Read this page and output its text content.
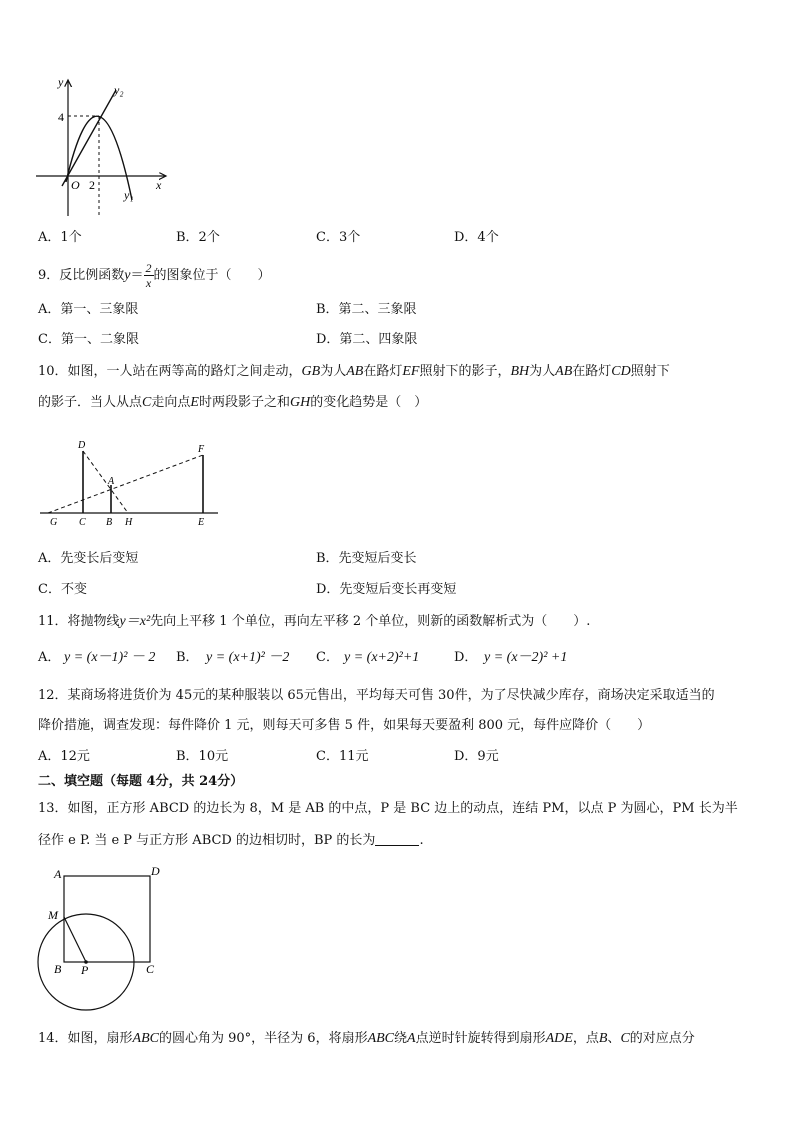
y
y₂
4
O 2	x
y₁
A．1个	B．2个	C．3个	D．4个
9．反比例函数$y= \frac{2}{x}$ 的图象位于（　　）
A．第一、三象限	B．第二、三象限
C．第一、二象限	D．第二、四象限
10．如图，一人站在两等高的路灯之间走动，GB为人AB在路灯EF照射下的影子，BH为人AB在路灯CD照射下
的影子．当人从点C走向点E时两段影子之和GH的变化趋势是（　）
D	F
A
G C B H	E
A．先变长后变短	B．先变短后变长
C．不变	D．先变短后变长再变短
11．将抛物线y＝x²先向上平移 1 个单位，再向左平移 2 个单位，则新的函数解析式为（　　）.
A． y = (x－1)² － 2 B． y = (x+1)² －2 C． y = (x+2)²+1	D． y = (x－2)² +1
12．某商场将进货价为 45元的某种服装以 65元售出，平均每天可售 30件，为了尽快减少库存，商场决定采取适当的
降价措施，调查发现：每件降价 1 元，则每天可多售 5 件，如果每天要盈利 800 元，每件应降价（　　）
A．12元	B．10元	C．11元	D．9元
二、填空题（每题 4分，共 24分）
13．如图，正方形 ABCD 的边长为 8，M 是 AB 的中点，P 是 BC 边上的动点，连结 PM，以点 P 为圆心，PM 长为半
径作 e P. 当 e P 与正方形 ABCD 的边相切时，BP 的长为	.
A	D
M
B P	C
14．如图，扇形ABC的圆心角为 90°，半径为 6，将扇形ABC绕A点逆时针旋转得到扇形ADE，点B、C的对应点分
